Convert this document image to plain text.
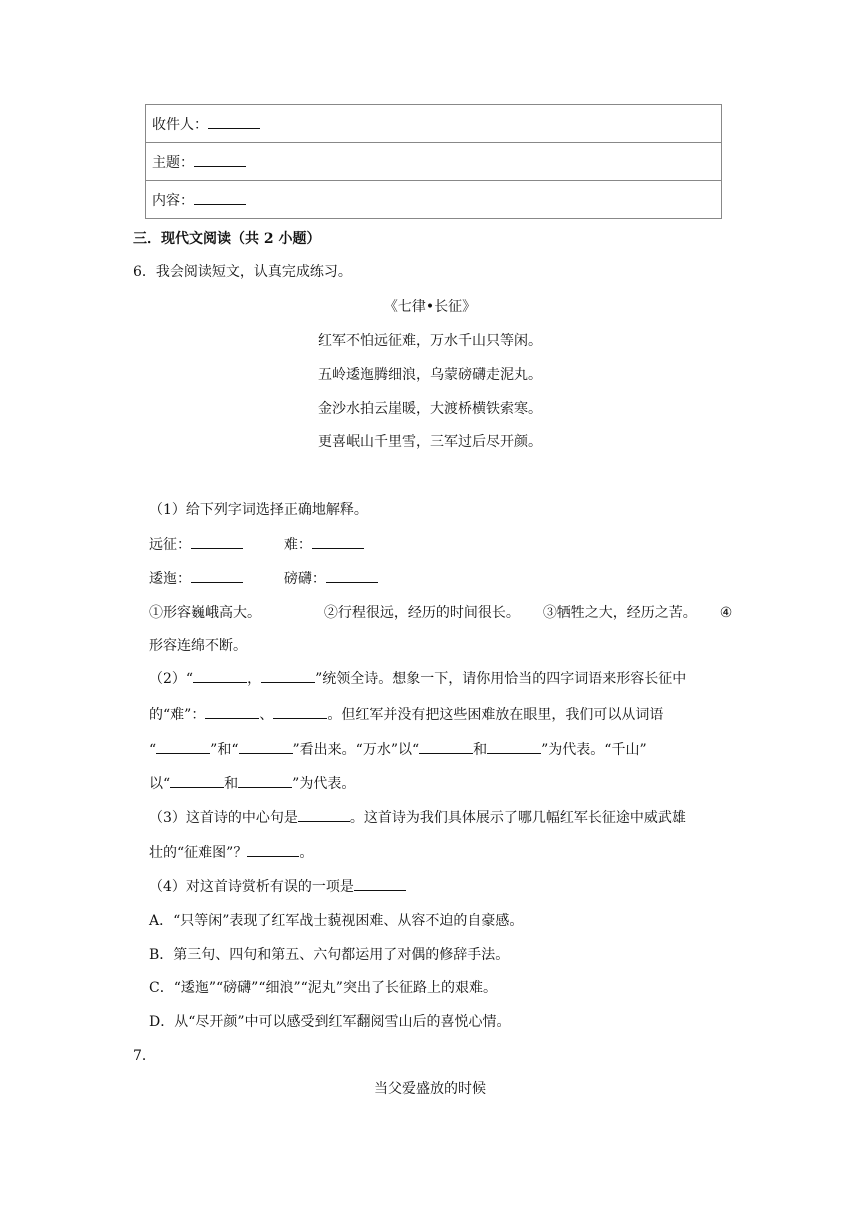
收件人：
主题：
内容：
三．现代文阅读（共 2 小题）
6．我会阅读短文，认真完成练习。
《七律•长征》
红军不怕远征难，万水千山只等闲。
五岭逶迤腾细浪，乌蒙磅礴走泥丸。
金沙水拍云崖暖，大渡桥横铁索寒。
更喜岷山千里雪，三军过后尽开颜。
（1）给下列字词选择正确地解释。
远征：	难：
逶迤：	磅礴：
①形容巍峨高大。	②行程很远，经历的时间很长。 ③牺牲之大，经历之苦。 ④
形容连绵不断。
（2）“	，	”统领全诗。想象一下，请你用恰当的四字词语来形容长征中
的“难”：	、	。但红军并没有把这些困难放在眼里，我们可以从词语
“	”和“	”看出来。“万水”以“	和	”为代表。“千山”
以“	和	”为代表。
（3）这首诗的中心句是	。这首诗为我们具体展示了哪几幅红军长征途中威武雄
壮的“征难图”？	。
（4）对这首诗赏析有误的一项是
A．“只等闲”表现了红军战士藐视困难、从容不迫的自豪感。
B．第三句、四句和第五、六句都运用了对偶的修辞手法。
C．“逶迤”“磅礴”“细浪”“泥丸”突出了长征路上的艰难。
D．从“尽开颜”中可以感受到红军翻阅雪山后的喜悦心情。
7．
当父爱盛放的时候
